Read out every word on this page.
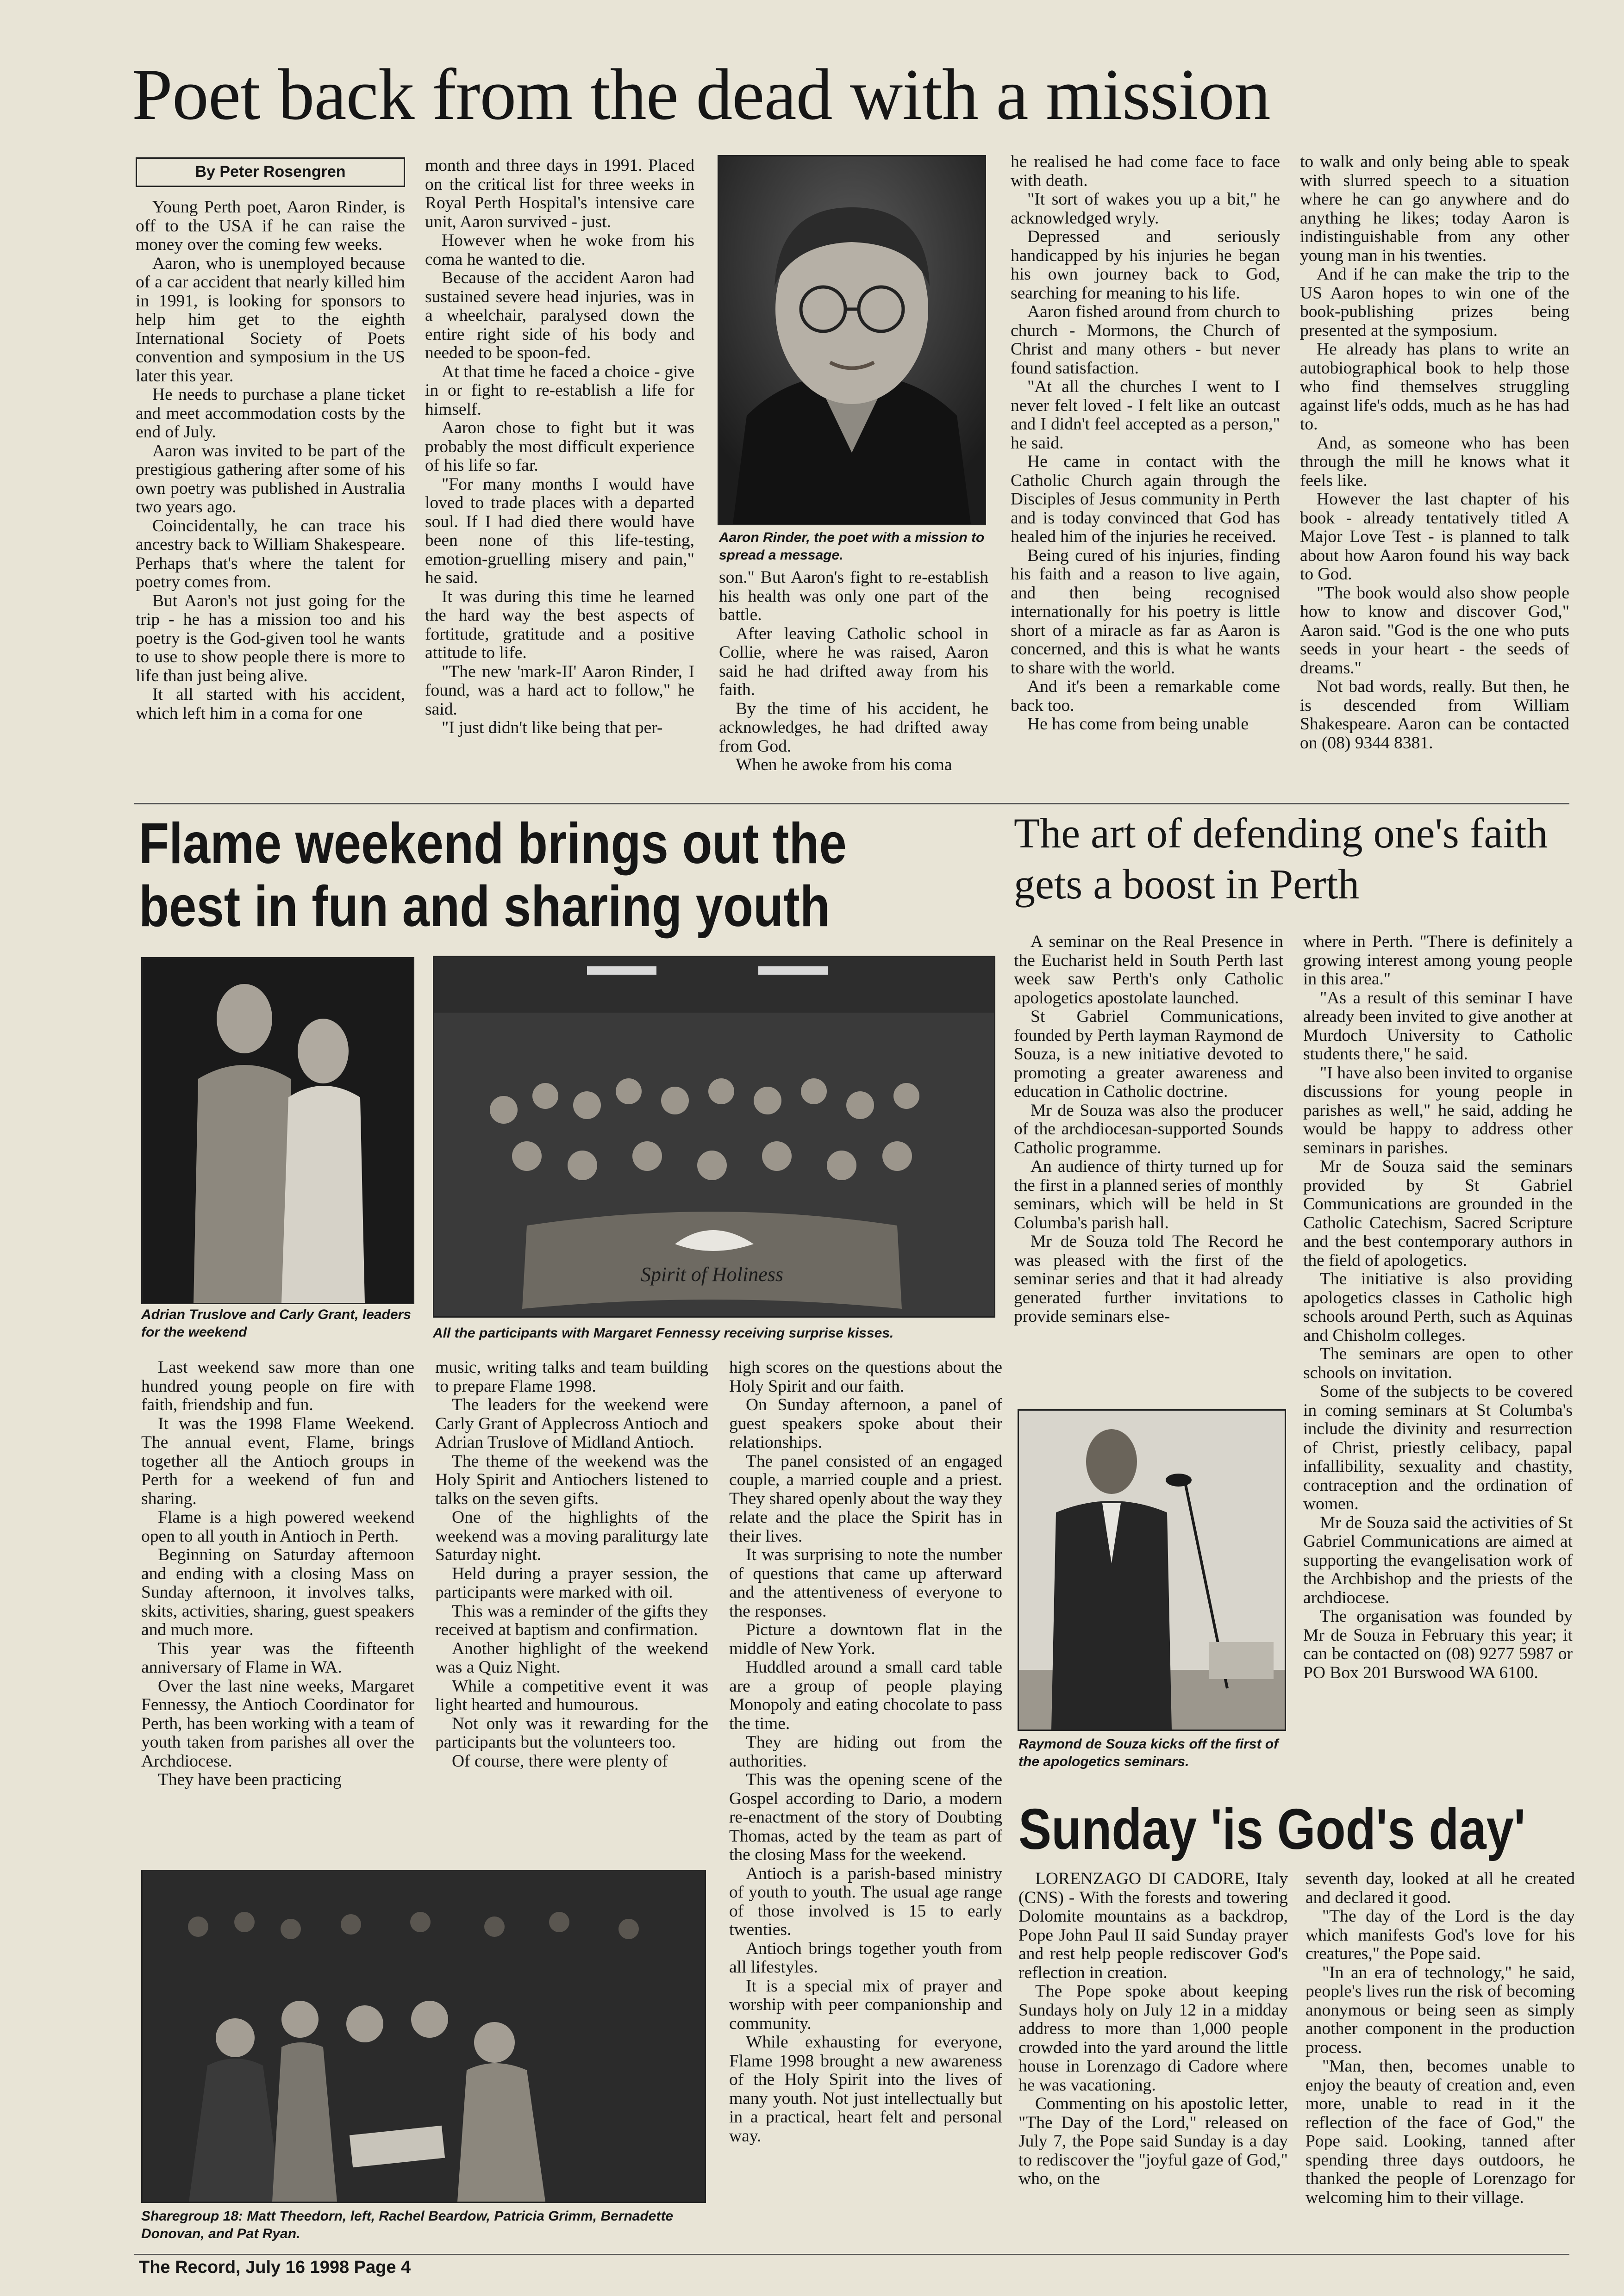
Poet back from the dead with a mission
By Peter Rosengren

Young Perth poet, Aaron Rinder, is off to the USA if he can raise the money over the coming few weeks.

Aaron, who is unemployed because of a car accident that nearly killed him in 1991, is looking for sponsors to help him get to the eighth International Society of Poets convention and symposium in the US later this year.

He needs to purchase a plane ticket and meet accommodation costs by the end of July.

Aaron was invited to be part of the prestigious gathering after some of his own poetry was published in Australia two years ago.

Coincidentally, he can trace his ancestry back to William Shakespeare. Perhaps that's where the talent for poetry comes from.

But Aaron's not just going for the trip - he has a mission too and his poetry is the God-given tool he wants to use to show people there is more to life than just being alive.

It all started with his accident, which left him in a coma for one

month and three days in 1991. Placed on the critical list for three weeks in Royal Perth Hospital's intensive care unit, Aaron survived - just.

However when he woke from his coma he wanted to die.

Because of the accident Aaron had sustained severe head injuries, was in a wheelchair, paralysed down the entire right side of his body and needed to be spoon-fed.

At that time he faced a choice - give in or fight to re-establish a life for himself.

Aaron chose to fight but it was probably the most difficult experience of his life so far.

"For many months I would have loved to trade places with a departed soul. If I had died there would have been none of this life-testing, emotion-gruelling misery and pain," he said.

It was during this time he learned the hard way the best aspects of fortitude, gratitude and a positive attitude to life.

"The new 'mark-II' Aaron Rinder, I found, was a hard act to follow," he said.

"I just didn't like being that per-

Aaron Rinder, the poet with a mission to spread a message.

son." But Aaron's fight to re-establish his health was only one part of the battle.

After leaving Catholic school in Collie, where he was raised, Aaron said he had drifted away from his faith.

By the time of his accident, he acknowledges, he had drifted away from God.

When he awoke from his coma

he realised he had come face to face with death.

"It sort of wakes you up a bit," he acknowledged wryly.

Depressed and seriously handicapped by his injuries he began his own journey back to God, searching for meaning to his life.

Aaron fished around from church to church - Mormons, the Church of Christ and many others - but never found satisfaction.

"At all the churches I went to I never felt loved - I felt like an outcast and I didn't feel accepted as a person," he said.

He came in contact with the Catholic Church again through the Disciples of Jesus community in Perth and is today convinced that God has healed him of the injuries he received.

Being cured of his injuries, finding his faith and a reason to live again, and then being recognised internationally for his poetry is little short of a miracle as far as Aaron is concerned, and this is what he wants to share with the world.

And it's been a remarkable come back too.

He has come from being unable

to walk and only being able to speak with slurred speech to a situation where he can go anywhere and do anything he likes; today Aaron is indistinguishable from any other young man in his twenties.

And if he can make the trip to the US Aaron hopes to win one of the book-publishing prizes being presented at the symposium.

He already has plans to write an autobiographical book to help those who find themselves struggling against life's odds, much as he has had to.

And, as someone who has been through the mill he knows what it feels like.

However the last chapter of his book - already tentatively titled A Major Love Test - is planned to talk about how Aaron found his way back to God.

"The book would also show people how to know and discover God," Aaron said. "God is the one who puts seeds in your heart - the seeds of dreams."

Not bad words, really. But then, he is descended from William Shakespeare. Aaron can be contacted on (08) 9344 8381.

Flame weekend brings out the best in fun and sharing youth
Adrian Truslove and Carly Grant, leaders for the weekend
Spirit of Holiness
All the participants with Margaret Fennessy receiving surprise kisses.

Last weekend saw more than one hundred young people on fire with faith, friendship and fun.

It was the 1998 Flame Weekend. The annual event, Flame, brings together all the Antioch groups in Perth for a weekend of fun and sharing.

Flame is a high powered weekend open to all youth in Antioch in Perth.

Beginning on Saturday afternoon and ending with a closing Mass on Sunday afternoon, it involves talks, skits, activities, sharing, guest speakers and much more.

This year was the fifteenth anniversary of Flame in WA.

Over the last nine weeks, Margaret Fennessy, the Antioch Coordinator for Perth, has been working with a team of youth taken from parishes all over the Archdiocese.

They have been practicing

music, writing talks and team building to prepare Flame 1998.

The leaders for the weekend were Carly Grant of Applecross Antioch and Adrian Truslove of Midland Antioch.

The theme of the weekend was the Holy Spirit and Antiochers listened to talks on the seven gifts.

One of the highlights of the weekend was a moving paraliturgy late Saturday night.

Held during a prayer session, the participants were marked with oil.

This was a reminder of the gifts they received at baptism and confirmation.

Another highlight of the weekend was a Quiz Night.

While a competitive event it was light hearted and humourous.

Not only was it rewarding for the participants but the volunteers too.

Of course, there were plenty of

high scores on the questions about the Holy Spirit and our faith.

On Sunday afternoon, a panel of guest speakers spoke about their relationships.

The panel consisted of an engaged couple, a married couple and a priest. They shared openly about the way they relate and the place the Spirit has in their lives.

It was surprising to note the number of questions that came up afterward and the attentiveness of everyone to the responses.

Picture a downtown flat in the middle of New York.

Huddled around a small card table are a group of people playing Monopoly and eating chocolate to pass the time.

They are hiding out from the authorities.

This was the opening scene of the Gospel according to Dario, a modern re-enactment of the story of Doubting Thomas, acted by the team as part of the closing Mass for the weekend.

Antioch is a parish-based ministry of youth to youth. The usual age range of those involved is 15 to early twenties.

Antioch brings together youth from all lifestyles.

It is a special mix of prayer and worship with peer companionship and community.

While exhausting for everyone, Flame 1998 brought a new awareness of the Holy Spirit into the lives of many youth. Not just intellectually but in a practical, heart felt and personal way.

Sharegroup 18: Matt Theedorn, left, Rachel Beardow, Patricia Grimm, Bernadette Donovan, and Pat Ryan.
The art of defending one's faith gets a boost in Perth

A seminar on the Real Presence in the Eucharist held in South Perth last week saw Perth's only Catholic apologetics apostolate launched.

St Gabriel Communications, founded by Perth layman Raymond de Souza, is a new initiative devoted to promoting a greater awareness and education in Catholic doctrine.

Mr de Souza was also the producer of the archdiocesan-supported Sounds Catholic programme.

An audience of thirty turned up for the first in a planned series of monthly seminars, which will be held in St Columba's parish hall.

Mr de Souza told The Record he was pleased with the first of the seminar series and that it had already generated further invitations to provide seminars else-

Raymond de Souza kicks off the first of the apologetics seminars.

where in Perth. "There is definitely a growing interest among young people in this area."

"As a result of this seminar I have already been invited to give another at Murdoch University to Catholic students there," he said.

"I have also been invited to organise discussions for young people in parishes as well," he said, adding he would be happy to address other seminars in parishes.

Mr de Souza said the seminars provided by St Gabriel Communications are grounded in the Catholic Catechism, Sacred Scripture and the best contemporary authors in the field of apologetics.

The initiative is also providing apologetics classes in Catholic high schools around Perth, such as Aquinas and Chisholm colleges.

The seminars are open to other schools on invitation.

Some of the subjects to be covered in coming seminars at St Columba's include the divinity and resurrection of Christ, priestly celibacy, papal infallibility, sexuality and chastity, contraception and the ordination of women.

Mr de Souza said the activities of St Gabriel Communications are aimed at supporting the evangelisation work of the Archbishop and the priests of the archdiocese.

The organisation was founded by Mr de Souza in February this year; it can be contacted on (08) 9277 5987 or PO Box 201 Burswood WA 6100.

Sunday 'is God's day'

LORENZAGO DI CADORE, Italy (CNS) - With the forests and towering Dolomite mountains as a backdrop, Pope John Paul II said Sunday prayer and rest help people rediscover God's reflection in creation.

The Pope spoke about keeping Sundays holy on July 12 in a midday address to more than 1,000 people crowded into the yard around the little house in Lorenzago di Cadore where he was vacationing.

Commenting on his apostolic letter, "The Day of the Lord," released on July 7, the Pope said Sunday is a day to rediscover the "joyful gaze of God," who, on the

seventh day, looked at all he created and declared it good.

"The day of the Lord is the day which manifests God's love for his creatures," the Pope said.

"In an era of technology," he said, people's lives run the risk of becoming anonymous or being seen as simply another component in the production process.

"Man, then, becomes unable to enjoy the beauty of creation and, even more, unable to read in it the reflection of the face of God," the Pope said. Looking, tanned after spending three days outdoors, he thanked the people of Lorenzago for welcoming him to their village.

The Record, July 16 1998 Page 4
